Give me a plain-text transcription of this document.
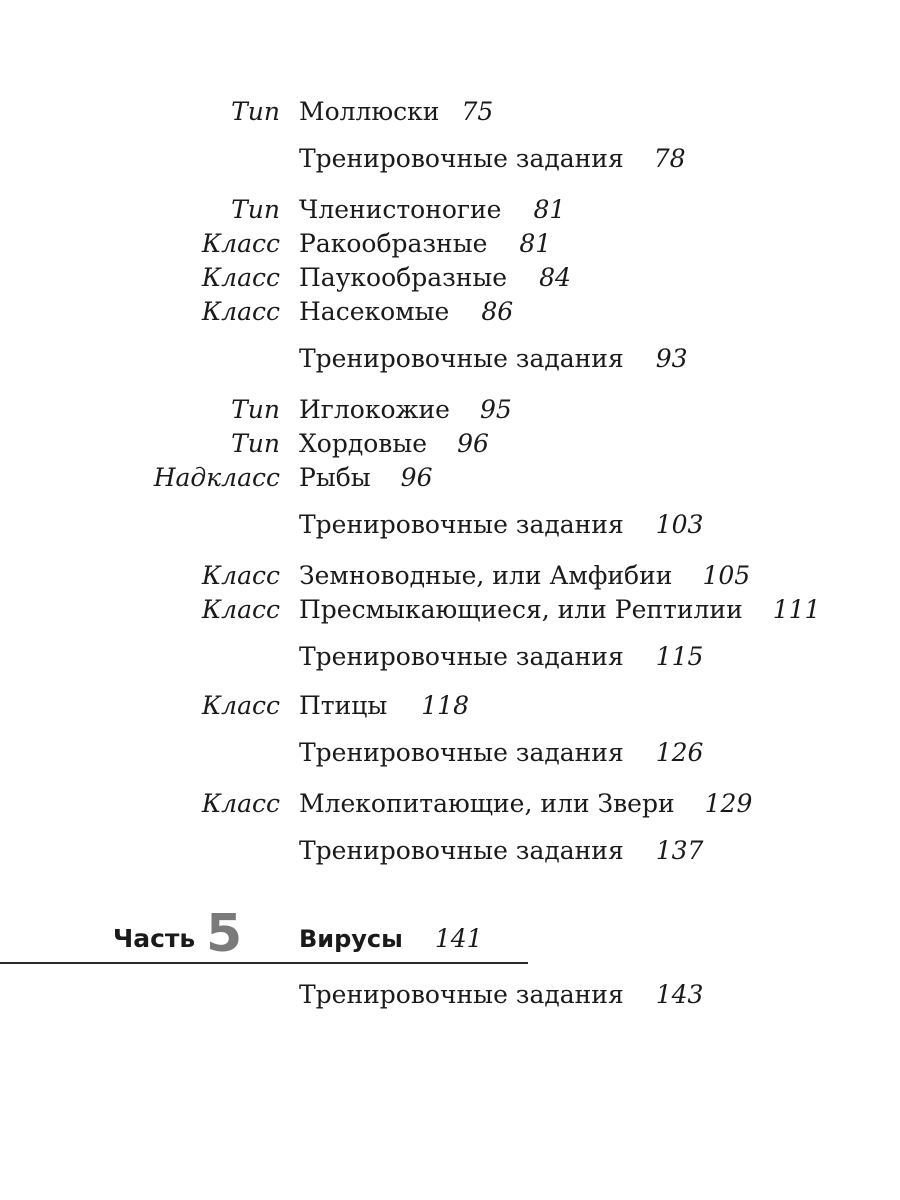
Тип Моллюски 75
Тренировочные задания 78
Тип Членистоногие 81
Класс Ракообразные 81
Класс Паукообразные 84
Класс Насекомые 86
Тренировочные задания 93
Тип Иглокожие 95
Тип Хордовые 96
Надкласс Рыбы 96
Тренировочные задания 103
Класс Земноводные, или Амфибии 105
Класс Пресмыкающиеся, или Рептилии 111
Тренировочные задания 115
Класс Птицы 118
Тренировочные задания 126
Класс Млекопитающие, или Звери 129
Тренировочные задания 137
Часть 5 Вирусы 141
Тренировочные задания 143
